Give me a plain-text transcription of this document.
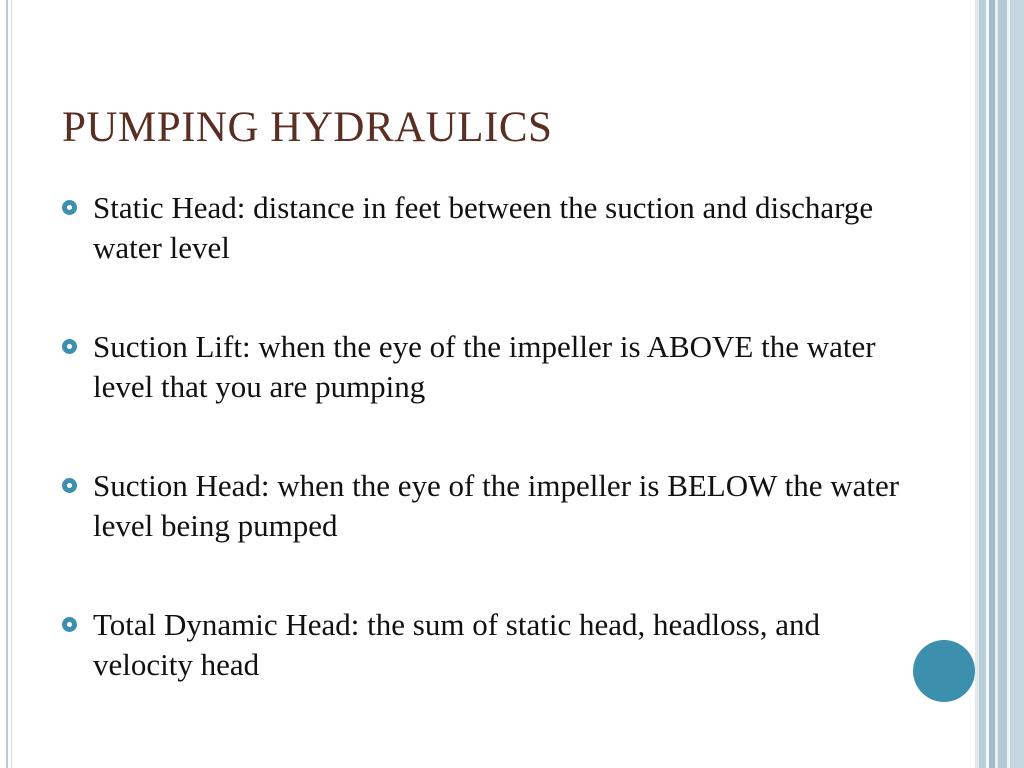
PUMPING HYDRAULICS
Static Head: distance in feet between the suction and discharge water level
Suction Lift: when the eye of the impeller is ABOVE the water level that you are pumping
Suction Head: when the eye of the impeller is BELOW the water level being pumped
Total Dynamic Head: the sum of static head, headloss, and velocity head
